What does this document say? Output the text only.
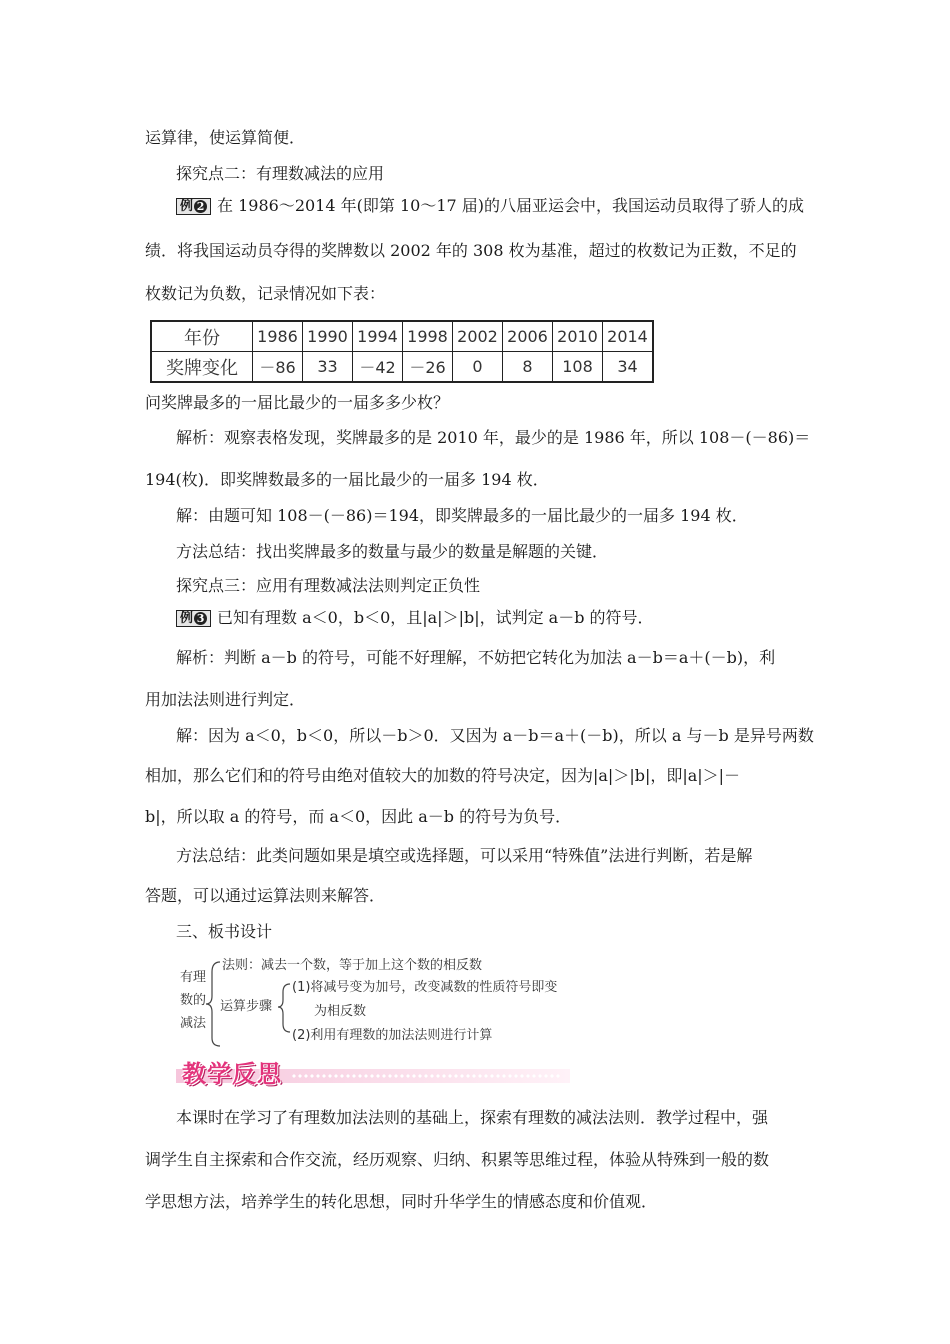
运算律，使运算简便．
探究点二：有理数减法的应用
例 2 在 1986～2014 年(即第 10～17 届)的八届亚运会中，我国运动员取得了骄人的成
绩．将我国运动员夺得的奖牌数以 2002 年的 308 枚为基准，超过的枚数记为正数，不足的
枚数记为负数，记录情况如下表：
年份	1986	1990	1994	1998	2002	2006	2010	2014
奖牌变化	－86	33	－42	－26	0	8	108	34
问奖牌最多的一届比最少的一届多多少枚？
解析：观察表格发现，奖牌最多的是 2010 年，最少的是 1986 年，所以 108－(－86)＝
194(枚)．即奖牌数最多的一届比最少的一届多 194 枚．
解：由题可知 108－(－86)＝194，即奖牌最多的一届比最少的一届多 194 枚．
方法总结：找出奖牌最多的数量与最少的数量是解题的关键．
探究点三：应用有理数减法法则判定正负性
例 3 已知有理数 a＜0，b＜0，且|a|＞|b|，试判定 a－b 的符号．
解析：判断 a－b 的符号，可能不好理解，不妨把它转化为加法 a－b＝a＋(－b)，利
用加法法则进行判定．
解：因为 a＜0，b＜0，所以－b＞0．又因为 a－b＝a＋(－b)，所以 a 与－b 是异号两数
相加，那么它们和的符号由绝对值较大的加数的符号决定，因为|a|＞|b|，即|a|＞|－
b|，所以取 a 的符号，而 a＜0，因此 a－b 的符号为负号．
方法总结：此类问题如果是填空或选择题，可以采用“特殊值”法进行判断，若是解
答题，可以通过运算法则来解答．
三、板书设计
有理
数的
减法
法则：减去一个数，等于加上这个数的相反数
运算步骤
(1)将减号变为加号，改变减数的性质符号即变
为相反数
(2)利用有理数的加法法则进行计算
教学反思
本课时在学习了有理数加法法则的基础上，探索有理数的减法法则．教学过程中，强
调学生自主探索和合作交流，经历观察、归纳、积累等思维过程，体验从特殊到一般的数
学思想方法，培养学生的转化思想，同时升华学生的情感态度和价值观．
